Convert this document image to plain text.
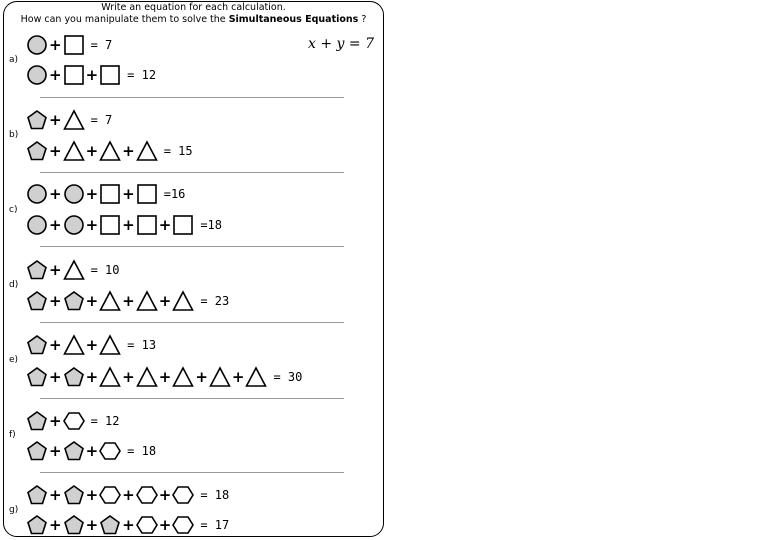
Write an equation for each calculation.
How can you manipulate them to solve the Simultaneous Equations ?
x + y = 7
a)
+ = 7
+ + = 12
b)
+ = 7
+ + + = 15
c)
+ + + =16
+ + + + =18
d)
+ = 10
+ + + + = 23
e)
+ + = 13
+ + + + + + = 30
f)
+ = 12
+ + = 18
g)
+ + + + = 18
+ + + + = 17
